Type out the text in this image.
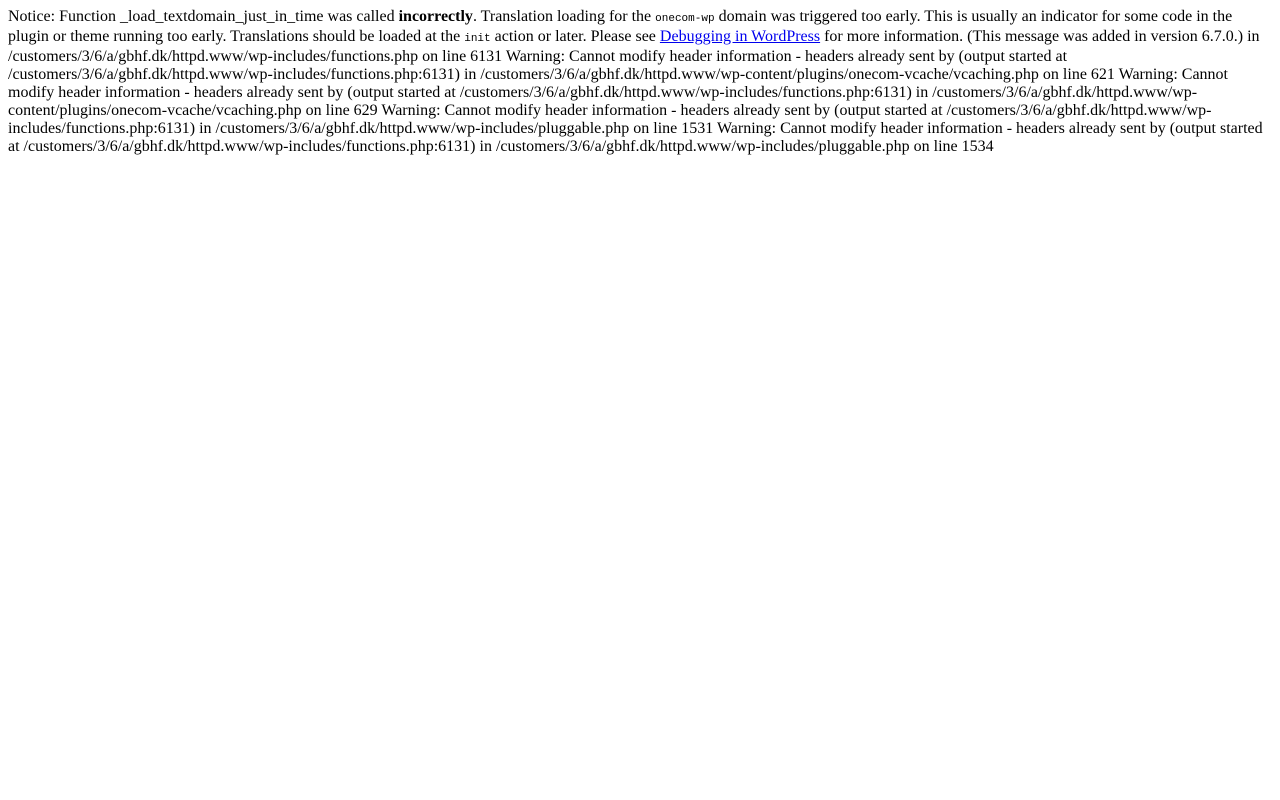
Notice: Function _load_textdomain_just_in_time was called incorrectly. Translation loading for the onecom-wp domain was triggered too early. This is usually an indicator for some code in the plugin or theme running too early. Translations should be loaded at the init action or later. Please see Debugging in WordPress for more information. (This message was added in version 6.7.0.) in /customers/3/6/a/gbhf.dk/httpd.www/wp-includes/functions.php on line 6131 Warning: Cannot modify header information - headers already sent by (output started at /customers/3/6/a/gbhf.dk/httpd.www/wp-includes/functions.php:6131) in /customers/3/6/a/gbhf.dk/httpd.www/wp-content/plugins/onecom-vcache/vcaching.php on line 621 Warning: Cannot modify header information - headers already sent by (output started at /customers/3/6/a/gbhf.dk/httpd.www/wp-includes/functions.php:6131) in /customers/3/6/a/gbhf.dk/httpd.www/wp-content/plugins/onecom-vcache/vcaching.php on line 629 Warning: Cannot modify header information - headers already sent by (output started at /customers/3/6/a/gbhf.dk/httpd.www/wp-includes/functions.php:6131) in /customers/3/6/a/gbhf.dk/httpd.www/wp-includes/pluggable.php on line 1531 Warning: Cannot modify header information - headers already sent by (output started at /customers/3/6/a/gbhf.dk/httpd.www/wp-includes/functions.php:6131) in /customers/3/6/a/gbhf.dk/httpd.www/wp-includes/pluggable.php on line 1534
